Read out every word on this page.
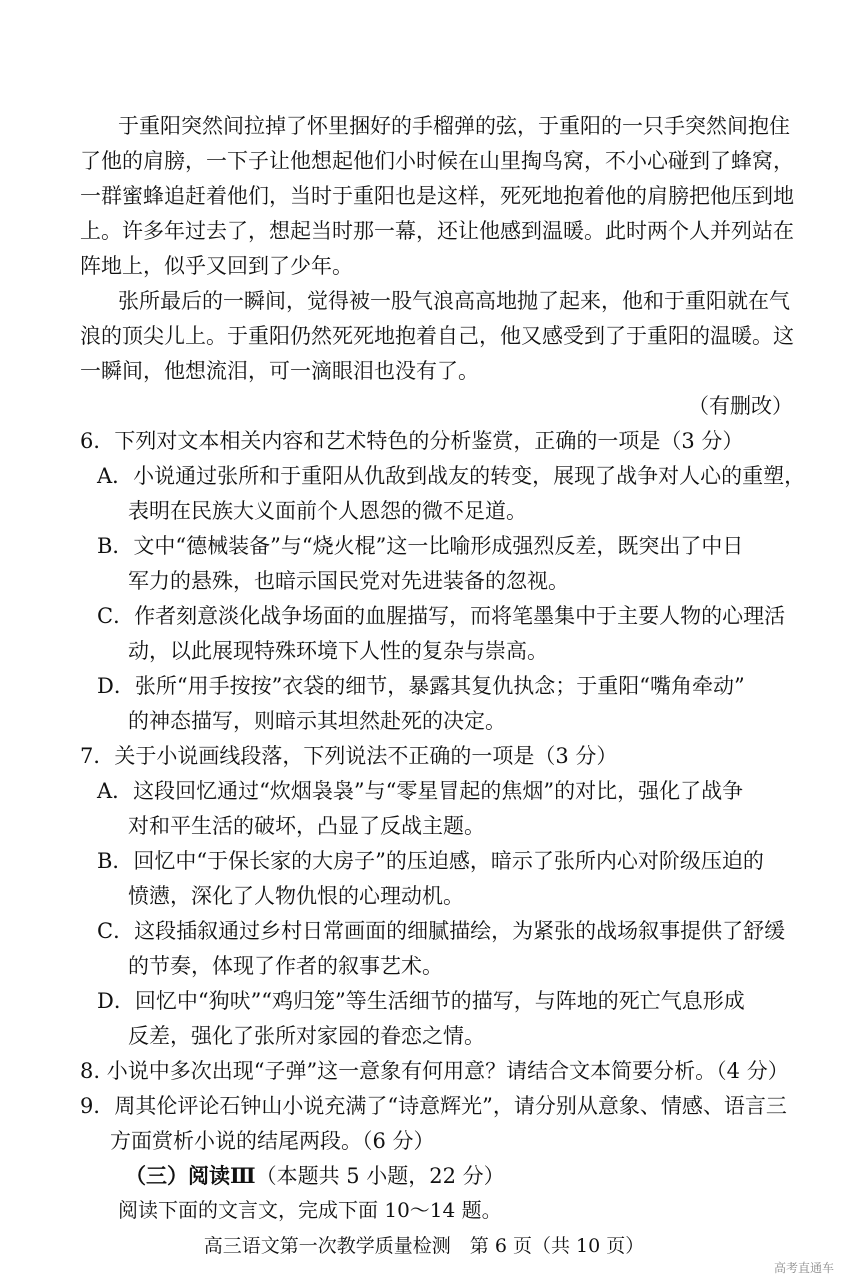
于重阳突然间拉掉了怀里捆好的手榴弹的弦，于重阳的一只手突然间抱住
了他的肩膀，一下子让他想起他们小时候在山里掏鸟窝，不小心碰到了蜂窝，
一群蜜蜂追赶着他们，当时于重阳也是这样，死死地抱着他的肩膀把他压到地
上。许多年过去了，想起当时那一幕，还让他感到温暖。此时两个人并列站在
阵地上，似乎又回到了少年。
张所最后的一瞬间，觉得被一股气浪高高地抛了起来，他和于重阳就在气
浪的顶尖儿上。于重阳仍然死死地抱着自己，他又感受到了于重阳的温暖。这
一瞬间，他想流泪，可一滴眼泪也没有了。
（有删改）
6．下列对文本相关内容和艺术特色的分析鉴赏，正确的一项是（3 分）
A．小说通过张所和于重阳从仇敌到战友的转变，展现了战争对人心的重塑，
表明在民族大义面前个人恩怨的微不足道。
B．文中“德械装备”与“烧火棍”这一比喻形成强烈反差，既突出了中日
军力的悬殊，也暗示国民党对先进装备的忽视。
C．作者刻意淡化战争场面的血腥描写，而将笔墨集中于主要人物的心理活
动，以此展现特殊环境下人性的复杂与崇高。
D．张所“用手按按”衣袋的细节，暴露其复仇执念；于重阳“嘴角牵动”
的神态描写，则暗示其坦然赴死的决定。
7．关于小说画线段落，下列说法不正确的一项是（3 分）
A．这段回忆通过“炊烟袅袅”与“零星冒起的焦烟”的对比，强化了战争
对和平生活的破坏，凸显了反战主题。
B．回忆中“于保长家的大房子”的压迫感，暗示了张所内心对阶级压迫的
愤懑，深化了人物仇恨的心理动机。
C．这段插叙通过乡村日常画面的细腻描绘，为紧张的战场叙事提供了舒缓
的节奏，体现了作者的叙事艺术。
D．回忆中“狗吠”“鸡归笼”等生活细节的描写，与阵地的死亡气息形成
反差，强化了张所对家园的眷恋之情。
8. 小说中多次出现“子弹”这一意象有何用意？请结合文本简要分析。（4 分）
9．周其伦评论石钟山小说充满了“诗意辉光”，请分别从意象、情感、语言三
方面赏析小说的结尾两段。（6 分）
（三）阅读Ⅲ（本题共 5 小题，22 分）
阅读下面的文言文，完成下面 10～14 题。
高三语文第一次教学质量检测　第 6 页（共 10 页）
高考直通车
